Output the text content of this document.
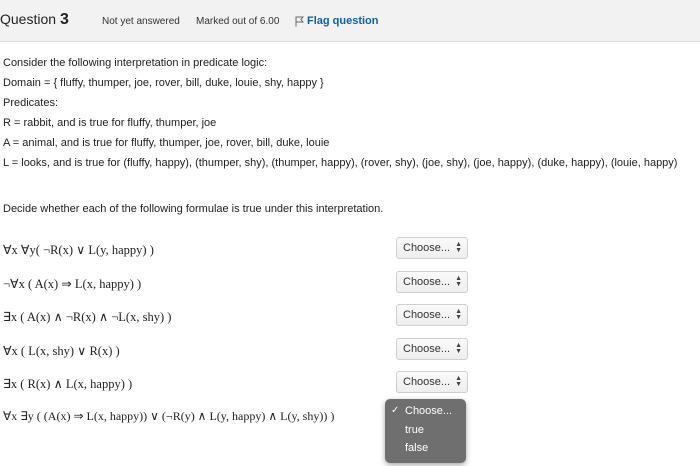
Question 3	Not yet answered Marked out of 6.00	Flag question
Consider the following interpretation in predicate logic:
Domain = { fluffy, thumper, joe, rover, bill, duke, louie, shy, happy }
Predicates:
R = rabbit, and is true for fluffy, thumper, joe
A = animal, and is true for fluffy, thumper, joe, rover, bill, duke, louie
L = looks, and is true for (fluffy, happy), (thumper, shy), (thumper, happy), (rover, shy), (joe, shy), (joe, happy), (duke, happy), (louie, happy)
Decide whether each of the following formulae is true under this interpretation.
∀x ∀y( ¬R(x) ∨ L(y, happy) )	Choose... ▲
▼
¬∀x ( A(x) ⇒ L(x, happy) )	Choose... ▲
▼
∃x ( A(x) ∧ ¬R(x) ∧ ¬L(x, shy) )	Choose... ▲
▼
∀x ( L(x, shy) ∨ R(x) )	Choose... ▲
▼
∃x ( R(x) ∧ L(x, happy) )	Choose... ▲
▼
∀x ∃y ( (A(x) ⇒ L(x, happy)) ∨ (¬R(y) ∧ L(y, happy) ∧ L(y, shy)) )	✓ Choose...
true
false
